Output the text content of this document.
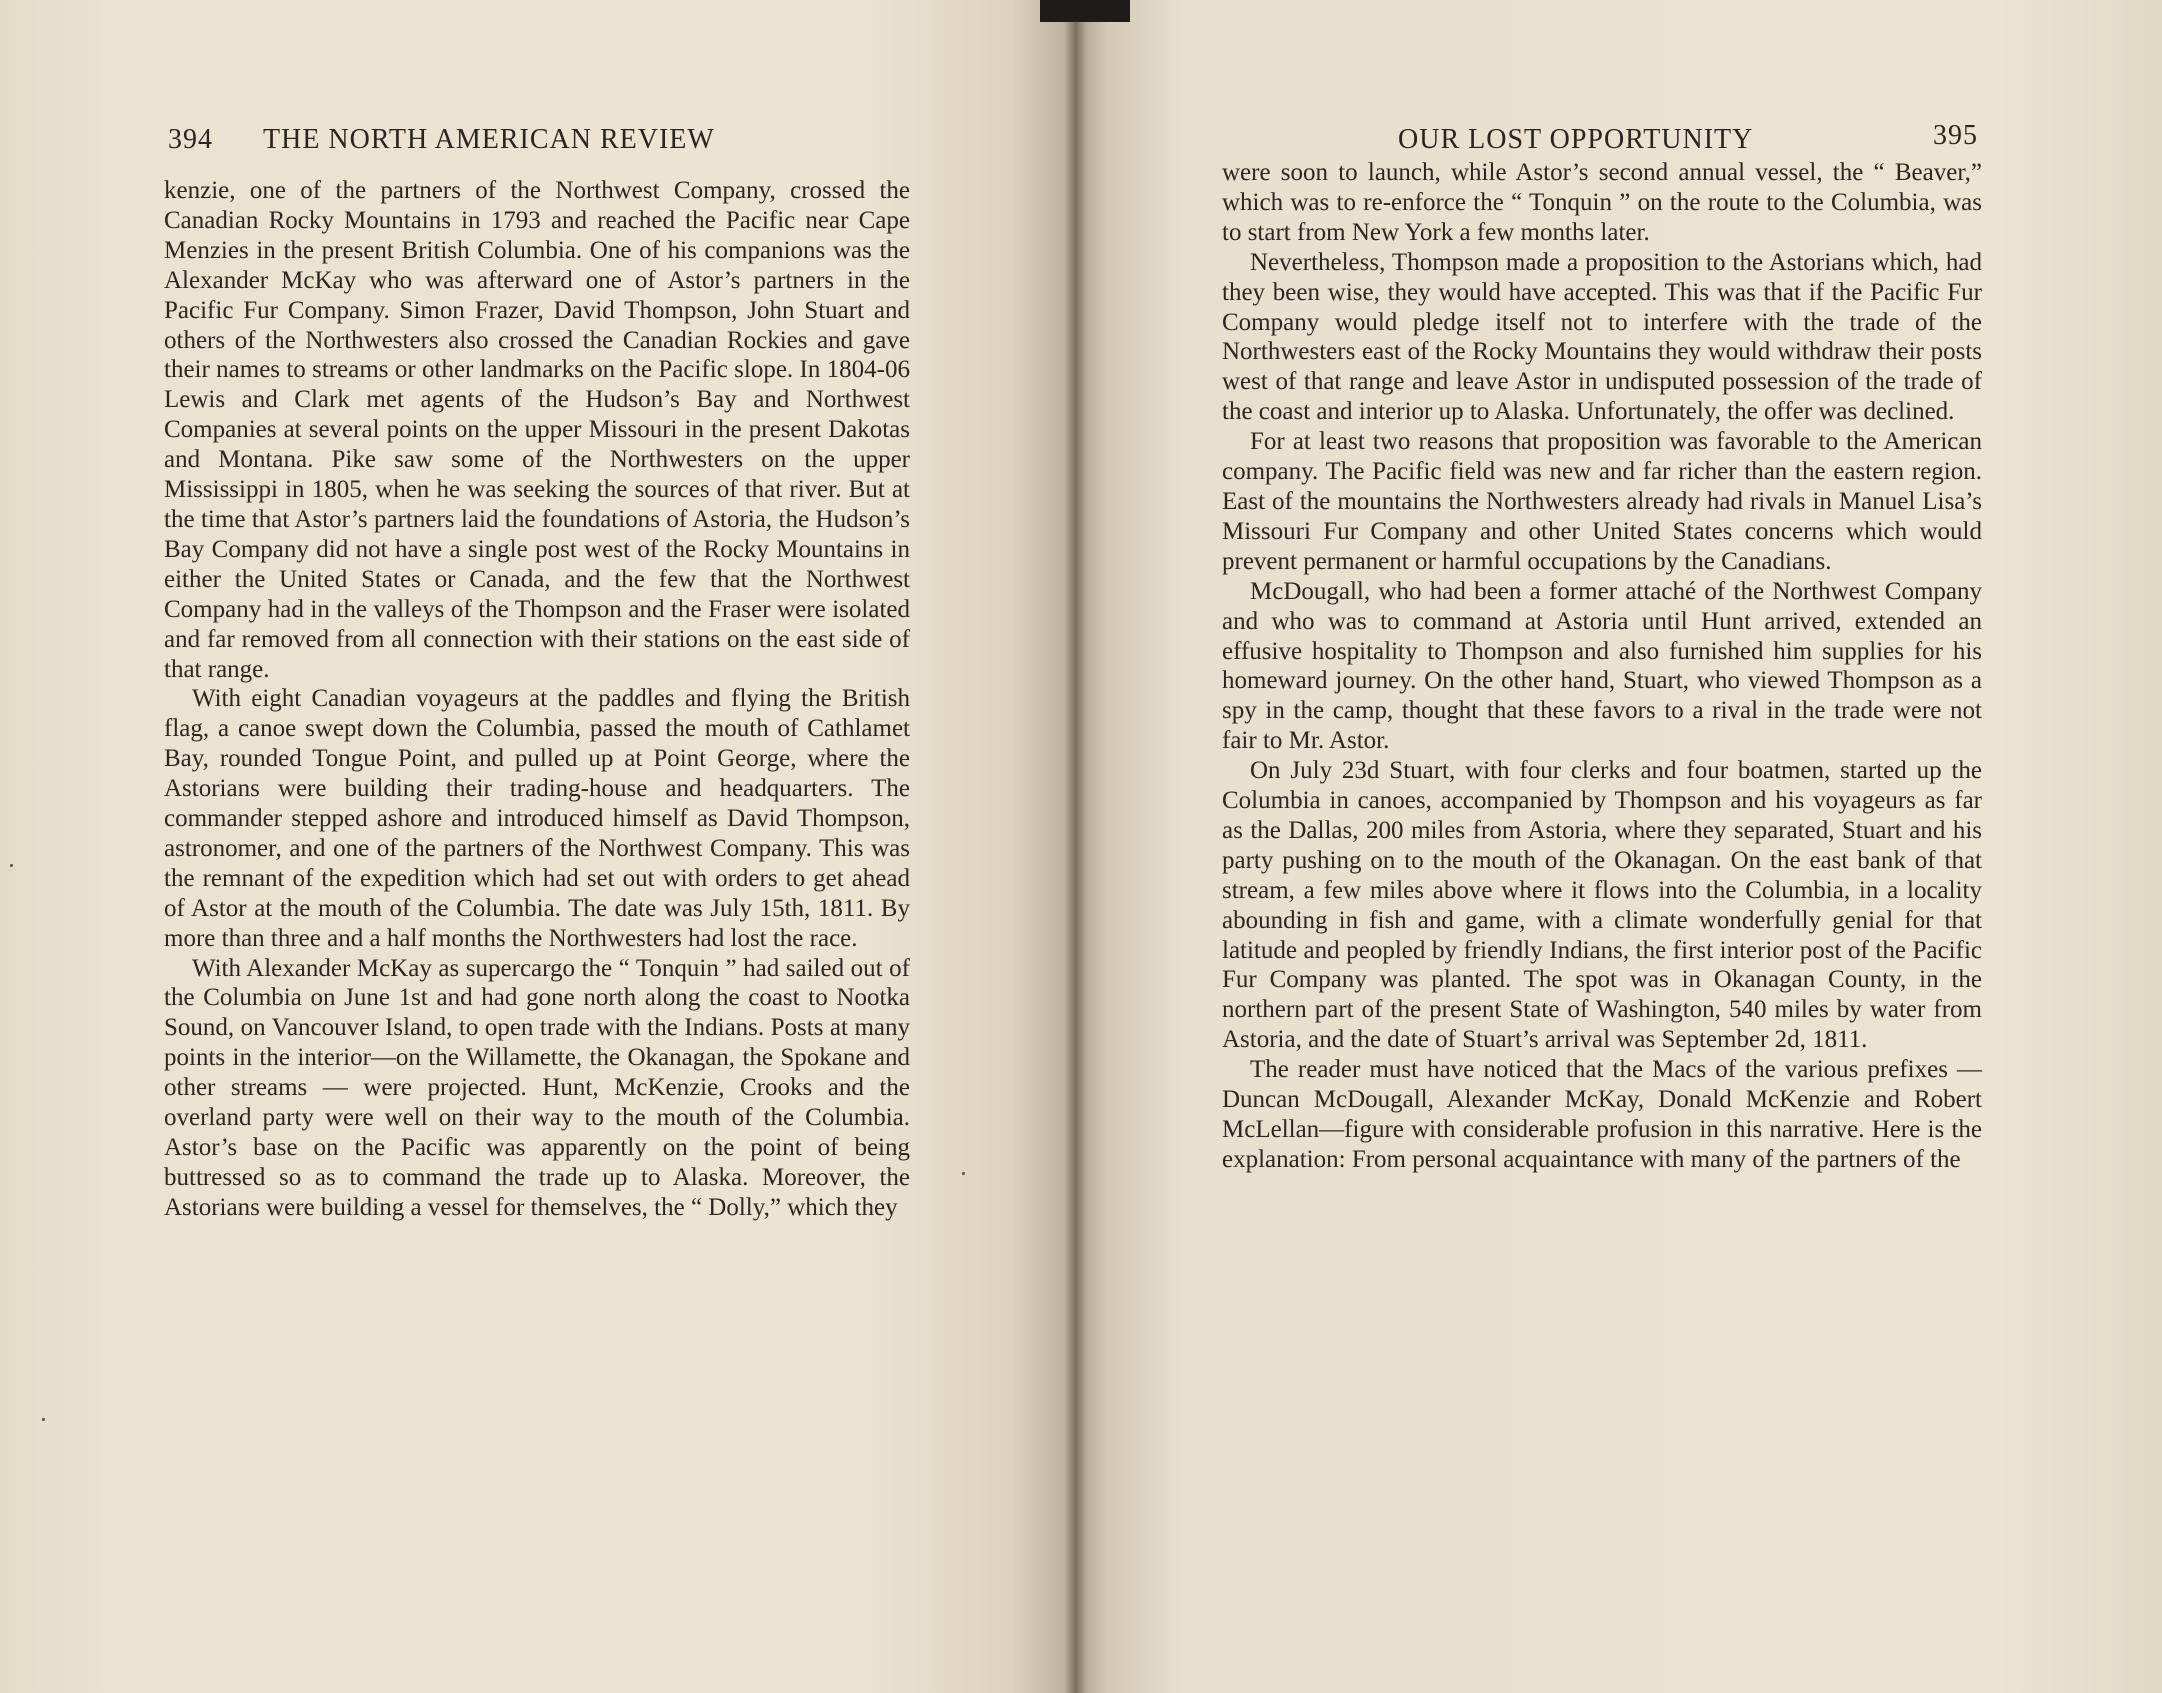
394 THE NORTH AMERICAN REVIEW

kenzie, one of the partners of the Northwest Company, crossed the Canadian Rocky Mountains in 1793 and reached the Pacific near Cape Menzies in the present British Columbia. One of his companions was the Alexander McKay who was afterward one of Astor’s partners in the Pacific Fur Company. Simon Frazer, David Thompson, John Stuart and others of the Northwesters also crossed the Canadian Rockies and gave their names to streams or other landmarks on the Pacific slope. In 1804-06 Lewis and Clark met agents of the Hudson’s Bay and Northwest Companies at several points on the upper Missouri in the present Dakotas and Montana. Pike saw some of the Northwesters on the upper Mississippi in 1805, when he was seeking the sources of that river. But at the time that Astor’s partners laid the foundations of Astoria, the Hudson’s Bay Company did not have a single post west of the Rocky Mountains in either the United States or Canada, and the few that the Northwest Company had in the valleys of the Thompson and the Fraser were isolated and far removed from all connection with their stations on the east side of that range.

With eight Canadian voyageurs at the paddles and flying the British flag, a canoe swept down the Columbia, passed the mouth of Cathlamet Bay, rounded Tongue Point, and pulled up at Point George, where the Astorians were building their trading-house and headquarters. The commander stepped ashore and introduced himself as David Thompson, astronomer, and one of the partners of the Northwest Company. This was the remnant of the expedition which had set out with orders to get ahead of Astor at the mouth of the Columbia. The date was July 15th, 1811. By more than three and a half months the Northwesters had lost the race.

With Alexander McKay as supercargo the “ Tonquin ” had sailed out of the Columbia on June 1st and had gone north along the coast to Nootka Sound, on Vancouver Island, to open trade with the Indians. Posts at many points in the interior—on the Willamette, the Okanagan, the Spokane and other streams — were projected. Hunt, McKenzie, Crooks and the overland party were well on their way to the mouth of the Columbia. Astor’s base on the Pacific was apparently on the point of being buttressed so as to command the trade up to Alaska. Moreover, the Astorians were building a vessel for themselves, the “ Dolly,” which they

OUR LOST OPPORTUNITY	395

were soon to launch, while Astor’s second annual vessel, the “ Beaver,” which was to re-enforce the “ Tonquin ” on the route to the Columbia, was to start from New York a few months later.

Nevertheless, Thompson made a proposition to the Astorians which, had they been wise, they would have accepted. This was that if the Pacific Fur Company would pledge itself not to interfere with the trade of the Northwesters east of the Rocky Mountains they would withdraw their posts west of that range and leave Astor in undisputed possession of the trade of the coast and interior up to Alaska. Unfortunately, the offer was declined.

For at least two reasons that proposition was favorable to the American company. The Pacific field was new and far richer than the eastern region. East of the mountains the Northwesters already had rivals in Manuel Lisa’s Missouri Fur Company and other United States concerns which would prevent permanent or harmful occupations by the Canadians.

McDougall, who had been a former attaché of the Northwest Company and who was to command at Astoria until Hunt arrived, extended an effusive hospitality to Thompson and also furnished him supplies for his homeward journey. On the other hand, Stuart, who viewed Thompson as a spy in the camp, thought that these favors to a rival in the trade were not fair to Mr. Astor.

On July 23d Stuart, with four clerks and four boatmen, started up the Columbia in canoes, accompanied by Thompson and his voyageurs as far as the Dallas, 200 miles from Astoria, where they separated, Stuart and his party pushing on to the mouth of the Okanagan. On the east bank of that stream, a few miles above where it flows into the Columbia, in a locality abounding in fish and game, with a climate wonderfully genial for that latitude and peopled by friendly Indians, the first interior post of the Pacific Fur Company was planted. The spot was in Okanagan County, in the northern part of the present State of Washington, 540 miles by water from Astoria, and the date of Stuart’s arrival was September 2d, 1811.

The reader must have noticed that the Macs of the various prefixes — Duncan McDougall, Alexander McKay, Donald McKenzie and Robert McLellan—figure with considerable profusion in this narrative. Here is the explanation: From personal acquaintance with many of the partners of the
